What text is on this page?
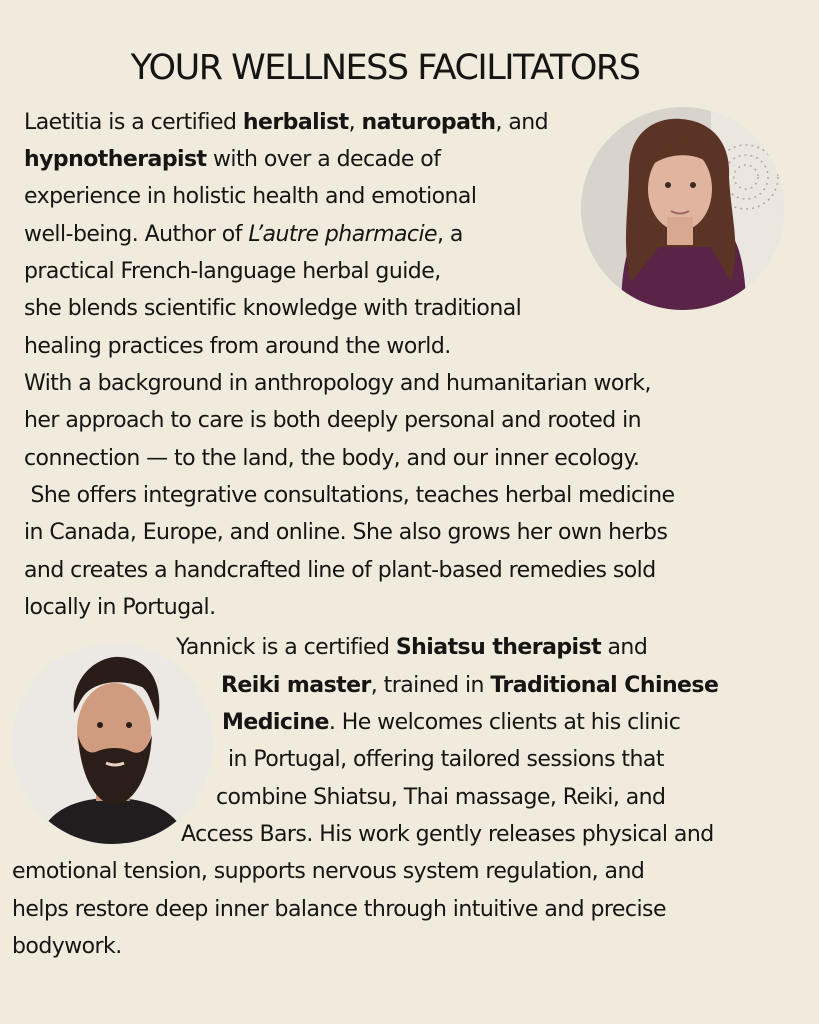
YOUR WELLNESS FACILITATORS
Laetitia is a certified herbalist, naturopath, and
hypnotherapist with over a decade of
experience in holistic health and emotional
well-being. Author of L’autre pharmacie, a
practical French-language herbal guide,
she blends scientific knowledge with traditional
healing practices from around the world.
With a background in anthropology and humanitarian work,
her approach to care is both deeply personal and rooted in
connection — to the land, the body, and our inner ecology.
She offers integrative consultations, teaches herbal medicine
in Canada, Europe, and online. She also grows her own herbs
and creates a handcrafted line of plant-based remedies sold
locally in Portugal.
Yannick is a certified Shiatsu therapist and
Reiki master, trained in Traditional Chinese
Medicine. He welcomes clients at his clinic
in Portugal, offering tailored sessions that
combine Shiatsu, Thai massage, Reiki, and
Access Bars. His work gently releases physical and
emotional tension, supports nervous system regulation, and
helps restore deep inner balance through intuitive and precise
bodywork.
